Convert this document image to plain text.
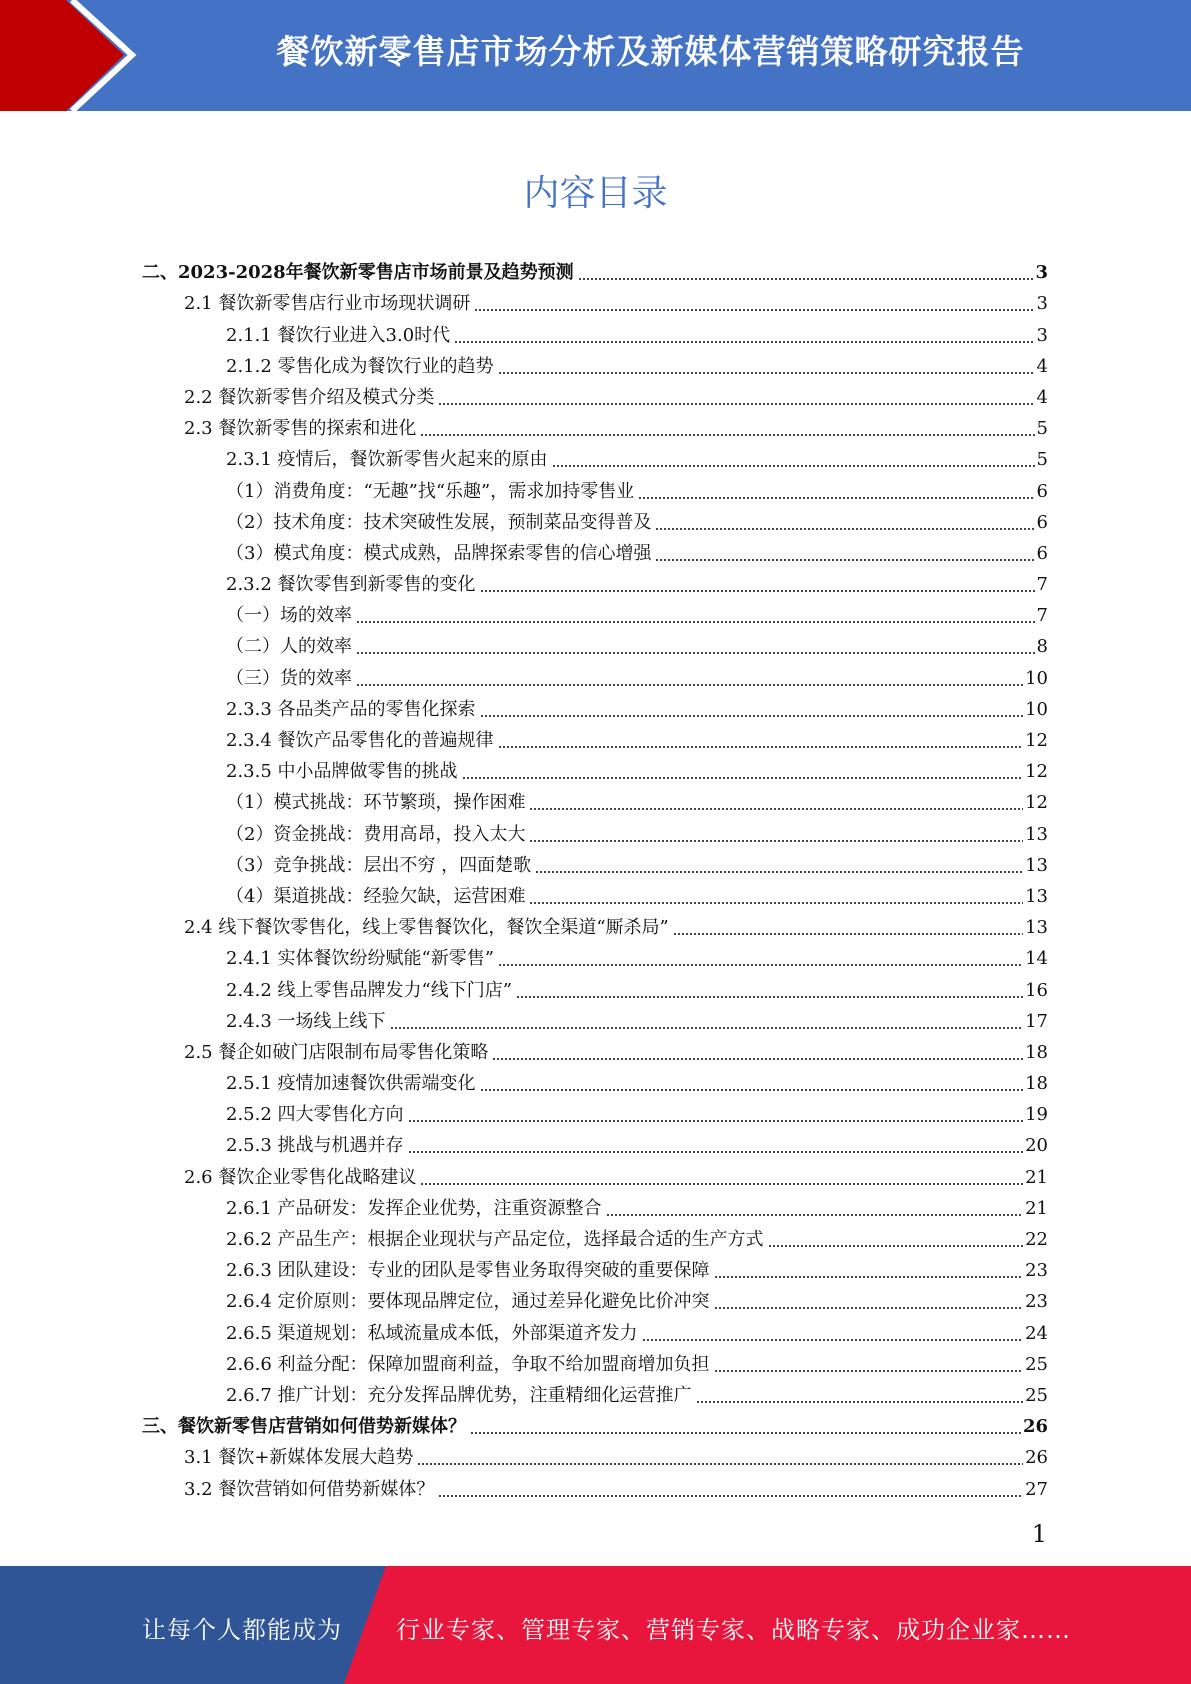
餐饮新零售店市场分析及新媒体营销策略研究报告
内容目录
二、2023-2028年餐饮新零售店市场前景及趋势预测	3
2.1 餐饮新零售店行业市场现状调研	3
2.1.1 餐饮行业进入3.0时代	3
2.1.2 零售化成为餐饮行业的趋势	4
2.2 餐饮新零售介绍及模式分类	4
2.3 餐饮新零售的探索和进化	5
2.3.1 疫情后，餐饮新零售火起来的原由	5
（1）消费角度：“无趣”找“乐趣”，需求加持零售业	6
（2）技术角度：技术突破性发展，预制菜品变得普及	6
（3）模式角度：模式成熟，品牌探索零售的信心增强	6
2.3.2 餐饮零售到新零售的变化	7
（一）场的效率	7
（二）人的效率	8
（三）货的效率	10
2.3.3 各品类产品的零售化探索	10
2.3.4 餐饮产品零售化的普遍规律	12
2.3.5 中小品牌做零售的挑战	12
（1）模式挑战：环节繁琐，操作困难	12
（2）资金挑战：费用高昂，投入太大	13
（3）竞争挑战：层出不穷 ，四面楚歌	13
（4）渠道挑战：经验欠缺，运营困难	13
2.4 线下餐饮零售化，线上零售餐饮化，餐饮全渠道“厮杀局”	13
2.4.1 实体餐饮纷纷赋能“新零售”	14
2.4.2 线上零售品牌发力“线下门店”	16
2.4.3 一场线上线下	17
2.5 餐企如破门店限制布局零售化策略	18
2.5.1 疫情加速餐饮供需端变化	18
2.5.2 四大零售化方向	19
2.5.3 挑战与机遇并存	20
2.6 餐饮企业零售化战略建议	21
2.6.1 产品研发：发挥企业优势，注重资源整合	21
2.6.2 产品生产：根据企业现状与产品定位，选择最合适的生产方式	22
2.6.3 团队建设：专业的团队是零售业务取得突破的重要保障	23
2.6.4 定价原则：要体现品牌定位，通过差异化避免比价冲突	23
2.6.5 渠道规划：私域流量成本低，外部渠道齐发力	24
2.6.6 利益分配：保障加盟商利益，争取不给加盟商增加负担	25
2.6.7 推广计划：充分发挥品牌优势，注重精细化运营推广	25
三、餐饮新零售店营销如何借势新媒体？	26
3.1 餐饮+新媒体发展大趋势	26
3.2 餐饮营销如何借势新媒体？	27
1
让每个人都能成为 行业专家、管理专家、营销专家、战略专家、成功企业家……
